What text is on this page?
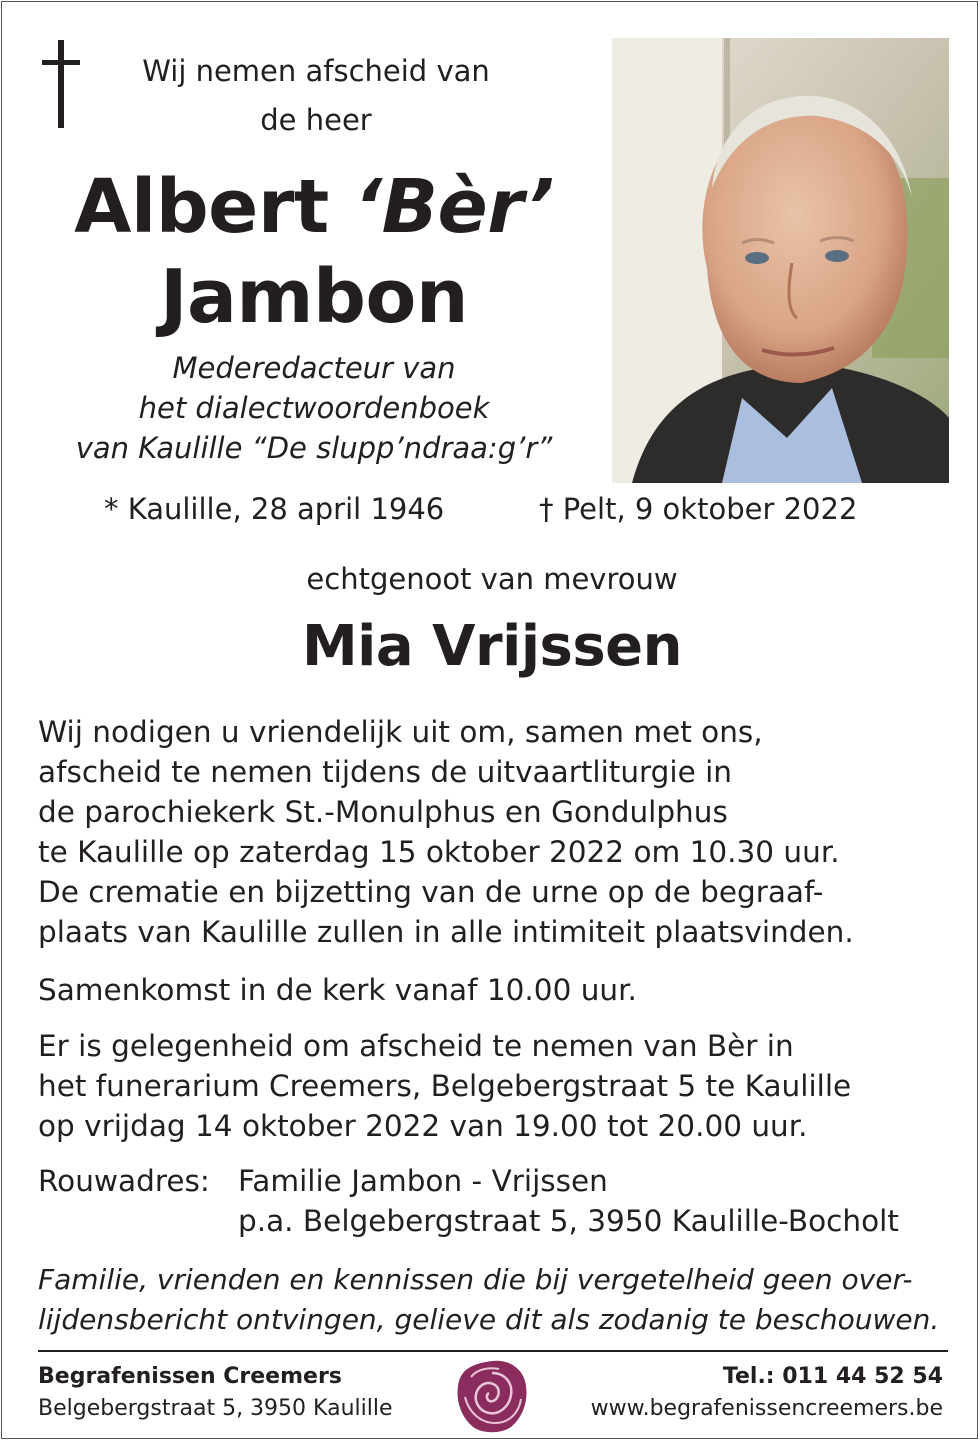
Wij nemen afscheid van
de heer
Albert ‘Bèr’
Jambon
Mederedacteur van
het dialectwoordenboek
van Kaulille “De slupp’ndraa:g’r”
* Kaulille, 28 april 1946	† Pelt, 9 oktober 2022
echtgenoot van mevrouw
Mia Vrijssen
Wij nodigen u vriendelijk uit om, samen met ons,
afscheid te nemen tijdens de uitvaartliturgie in
de parochiekerk St.-Monulphus en Gondulphus
te Kaulille op zaterdag 15 oktober 2022 om 10.30 uur.
De crematie en bijzetting van de urne op de begraaf-
plaats van Kaulille zullen in alle intimiteit plaatsvinden.
Samenkomst in de kerk vanaf 10.00 uur.
Er is gelegenheid om afscheid te nemen van Bèr in
het funerarium Creemers, Belgebergstraat 5 te Kaulille
op vrijdag 14 oktober 2022 van 19.00 tot 20.00 uur.
Rouwadres: Familie Jambon - Vrijssen
p.a. Belgebergstraat 5, 3950 Kaulille-Bocholt
Familie, vrienden en kennissen die bij vergetelheid geen over-
lijdensbericht ontvingen, gelieve dit als zodanig te beschouwen.
Begrafenissen Creemers
Belgebergstraat 5, 3950 Kaulille
Tel.: 011 44 52 54
www.begrafenissencreemers.be
